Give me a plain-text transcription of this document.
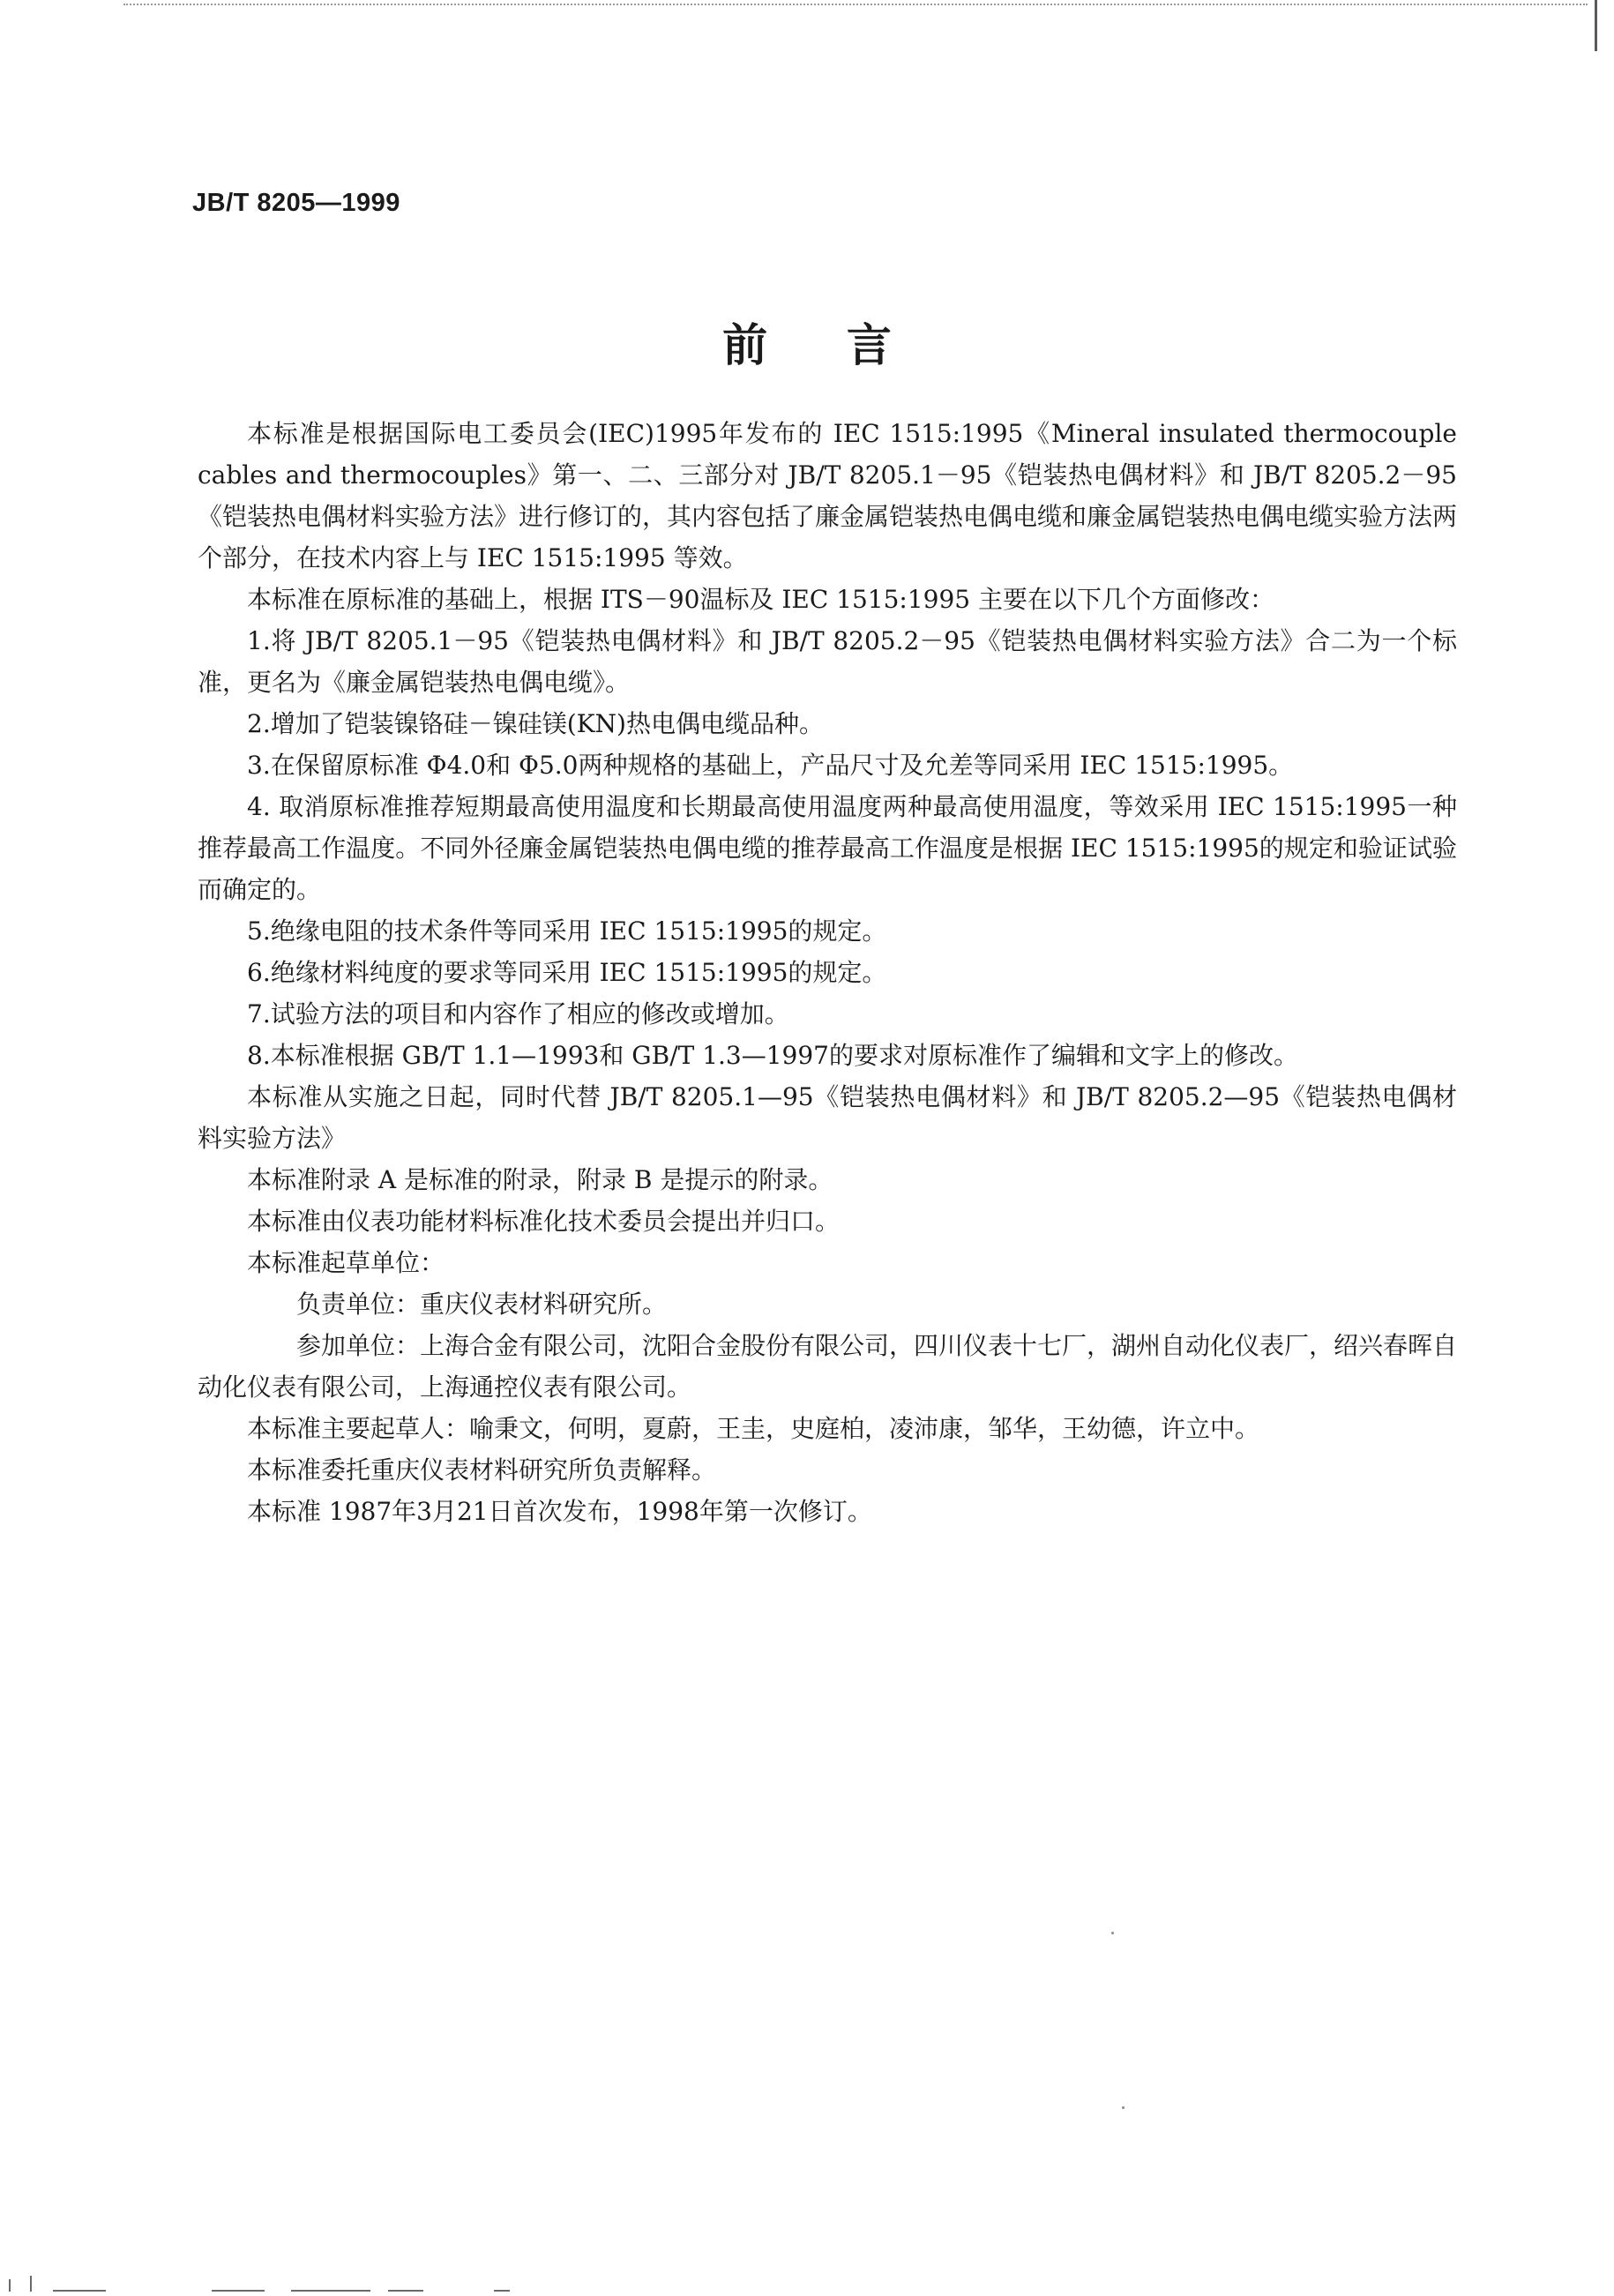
JB/T 8205—1999
前 言

本标准是根据国际电工委员会(IEC)1995年发布的 IEC 1515:1995《Mineral insulated thermocouple cables and thermocouples》第一、二、三部分对 JB/T 8205.1－95《铠装热电偶材料》和 JB/T 8205.2－95《铠装热电偶材料实验方法》进行修订的，其内容包括了廉金属铠装热电偶电缆和廉金属铠装热电偶电缆实验方法两个部分，在技术内容上与 IEC 1515:1995 等效。

本标准在原标准的基础上，根据 ITS－90温标及 IEC 1515:1995 主要在以下几个方面修改：

1.将 JB/T 8205.1－95《铠装热电偶材料》和 JB/T 8205.2－95《铠装热电偶材料实验方法》合二为一个标准，更名为《廉金属铠装热电偶电缆》。

2.增加了铠装镍铬硅－镍硅镁(KN)热电偶电缆品种。

3.在保留原标准 Φ4.0和 Φ5.0两种规格的基础上，产品尺寸及允差等同采用 IEC 1515:1995。

4. 取消原标准推荐短期最高使用温度和长期最高使用温度两种最高使用温度，等效采用 IEC 1515:1995一种推荐最高工作温度。不同外径廉金属铠装热电偶电缆的推荐最高工作温度是根据 IEC 1515:1995的规定和验证试验而确定的。

5.绝缘电阻的技术条件等同采用 IEC 1515:1995的规定。

6.绝缘材料纯度的要求等同采用 IEC 1515:1995的规定。

7.试验方法的项目和内容作了相应的修改或增加。

8.本标准根据 GB/T 1.1—1993和 GB/T 1.3—1997的要求对原标准作了编辑和文字上的修改。

本标准从实施之日起，同时代替 JB/T 8205.1—95《铠装热电偶材料》和 JB/T 8205.2—95《铠装热电偶材料实验方法》

本标准附录 A 是标准的附录，附录 B 是提示的附录。

本标准由仪表功能材料标准化技术委员会提出并归口。

本标准起草单位：

负责单位：重庆仪表材料研究所。

参加单位：上海合金有限公司，沈阳合金股份有限公司，四川仪表十七厂，湖州自动化仪表厂，绍兴春晖自动化仪表有限公司，上海通控仪表有限公司。

本标准主要起草人：喻秉文，何明，夏蔚，王圭，史庭柏，凌沛康，邹华，王幼德，许立中。

本标准委托重庆仪表材料研究所负责解释。

本标准 1987年3月21日首次发布，1998年第一次修订。
